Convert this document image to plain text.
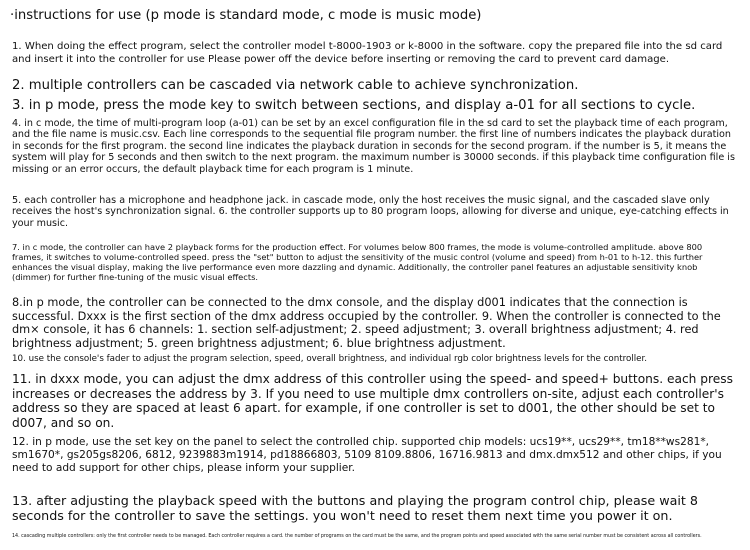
·instructions for use (p mode is standard mode, c mode is music mode)

1. When doing the effect program, select the controller model t-8000-1903 or k-8000 in the software. copy the prepared file into the sd card and insert it into the controller for use Please power off the device before inserting or removing the card to prevent card damage.

2. multiple controllers can be cascaded via network cable to achieve synchronization.

3. in p mode, press the mode key to switch between sections, and display a-01 for all sections to cycle.

4. in c mode, the time of multi-program loop (a-01) can be set by an excel configuration file in the sd card to set the playback time of each program, and the file name is music.csv. Each line corresponds to the sequential file program number. the first line of numbers indicates the playback duration in seconds for the first program. the second line indicates the playback duration in seconds for the second program. if the number is 5, it means the system will play for 5 seconds and then switch to the next program. the maximum number is 30000 seconds. if this playback time configuration file is missing or an error occurs, the default playback time for each program is 1 minute.

5. each controller has a microphone and headphone jack. in cascade mode, only the host receives the music signal, and the cascaded slave only receives the host's synchronization signal. 6. the controller supports up to 80 program loops, allowing for diverse and unique, eye-catching effects in your music.

7. in c mode, the controller can have 2 playback forms for the production effect. For volumes below 800 frames, the mode is volume-controlled amplitude. above 800 frames, it switches to volume-controlled speed. press the "set" button to adjust the sensitivity of the music control (volume and speed) from h-01 to h-12. this further enhances the visual display, making the live performance even more dazzling and dynamic. Additionally, the controller panel features an adjustable sensitivity knob (dimmer) for further fine-tuning of the music visual effects.

8.in p mode, the controller can be connected to the dmx console, and the display d001 indicates that the connection is successful. Dxxx is the first section of the dmx address occupied by the controller. 9. When the controller is connected to the dm× console, it has 6 channels: 1. section self-adjustment; 2. speed adjustment; 3. overall brightness adjustment; 4. red brightness adjustment; 5. green brightness adjustment; 6. blue brightness adjustment.

10. use the console's fader to adjust the program selection, speed, overall brightness, and individual rgb color brightness levels for the controller.

11. in dxxx mode, you can adjust the dmx address of this controller using the speed- and speed+ buttons. each press increases or decreases the address by 3. If you need to use multiple dmx controllers on-site, adjust each controller's address so they are spaced at least 6 apart. for example, if one controller is set to d001, the other should be set to d007, and so on.

12. in p mode, use the set key on the panel to select the controlled chip. supported chip models: ucs19**, ucs29**, tm18**ws281*, sm1670*, gs205gs8206, 6812, 9239883m1914, pd18866803, 5109 8109.8806, 16716.9813 and dmx.dmx512 and other chips, if you need to add support for other chips, please inform your supplier.

13. after adjusting the playback speed with the buttons and playing the program control chip, please wait 8 seconds for the controller to save the settings. you won't need to reset them next time you power it on.

14. cascading multiple controllers: only the first controller needs to be managed. Each controller requires a card. the number of programs on the card must be the same, and the program points and speed associated with the same serial number must be consistent across all controllers.
